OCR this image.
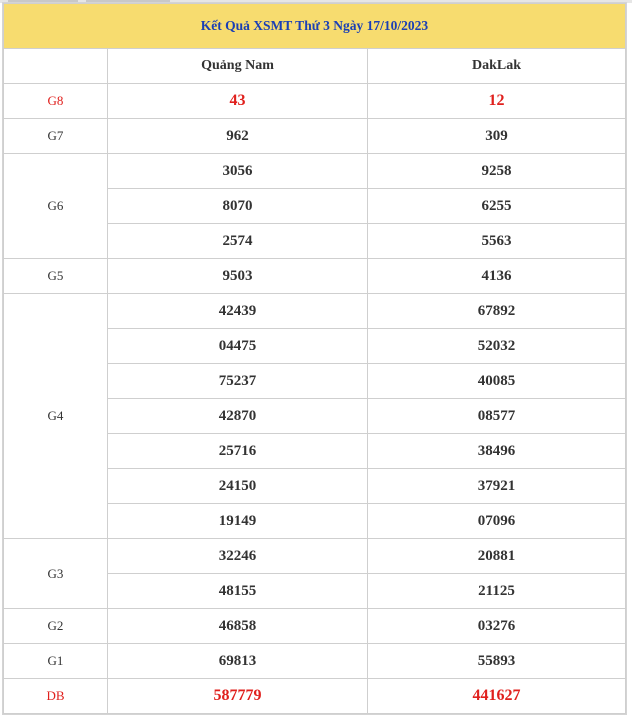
Kết Quả XSMT Thứ 3 Ngày 17/10/2023		
	Quảng Nam	DakLak
G8	43	12
G7	962	309
G6	3056	9258
	8070	6255
	2574	5563
G5	9503	4136
G4	42439	67892
	04475	52032
	75237	40085
	42870	08577
	25716	38496
	24150	37921
	19149	07096
G3	32246	20881
	48155	21125
G2	46858	03276
G1	69813	55893
DB	587779	441627
